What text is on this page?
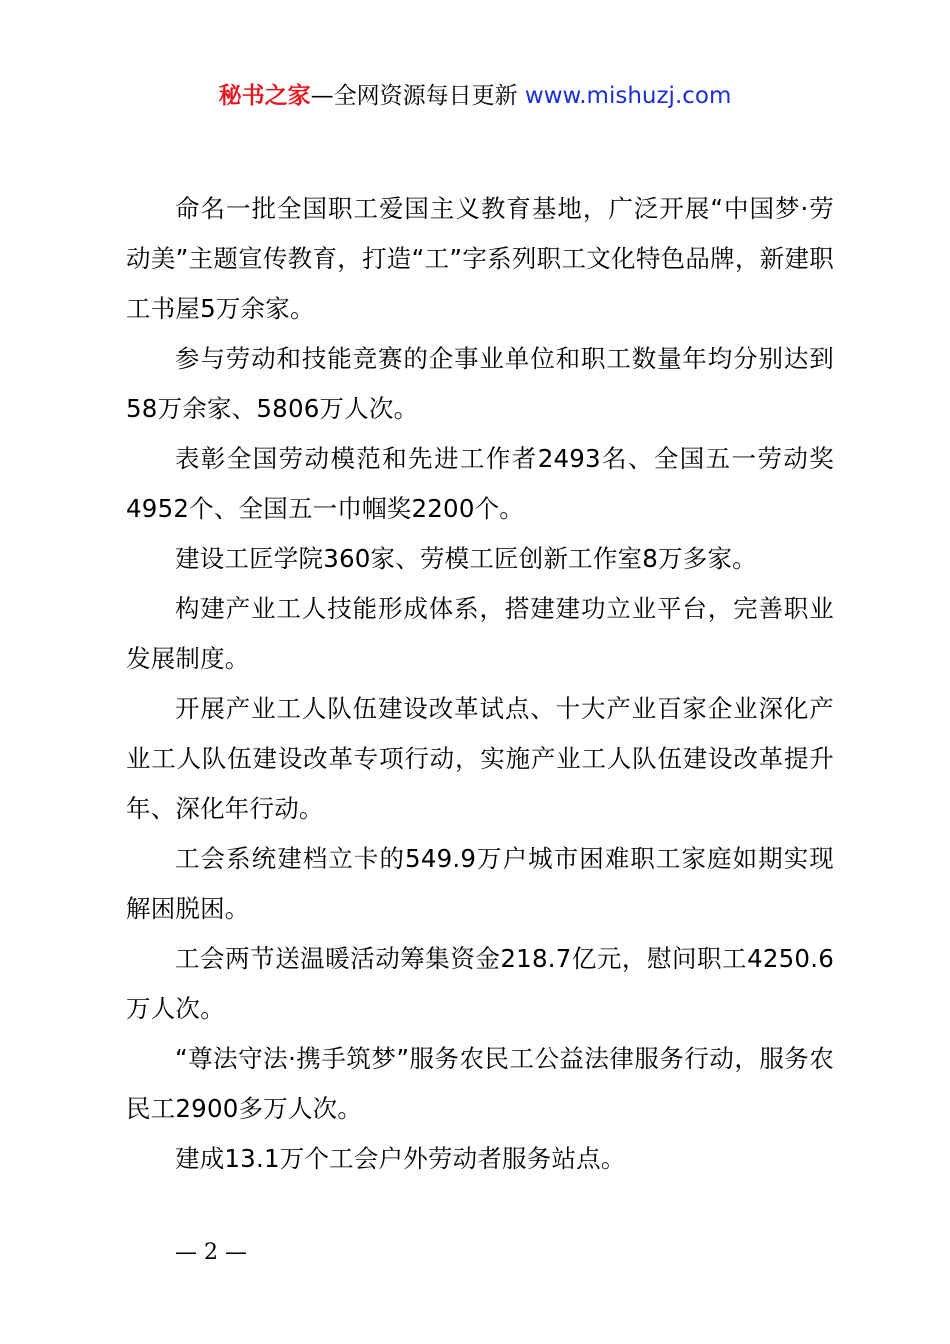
秘书之家—全网资源每日更新 www.mishuzj.com

命名一批全国职工爱国主义教育基地，广泛开展“中国梦·劳动美”主题宣传教育，打造“工”字系列职工文化特色品牌，新建职工书屋5万余家。

参与劳动和技能竞赛的企事业单位和职工数量年均分别达到58万余家、5806万人次。

表彰全国劳动模范和先进工作者2493名、全国五一劳动奖4952个、全国五一巾帼奖2200个。

建设工匠学院360家、劳模工匠创新工作室8万多家。

构建产业工人技能形成体系，搭建建功立业平台，完善职业发展制度。

开展产业工人队伍建设改革试点、十大产业百家企业深化产业工人队伍建设改革专项行动，实施产业工人队伍建设改革提升年、深化年行动。

工会系统建档立卡的549.9万户城市困难职工家庭如期实现解困脱困。

工会两节送温暖活动筹集资金218.7亿元，慰问职工4250.6万人次。

“尊法守法·携手筑梦”服务农民工公益法律服务行动，服务农民工2900多万人次。

建成13.1万个工会户外劳动者服务站点。

— 2 —
